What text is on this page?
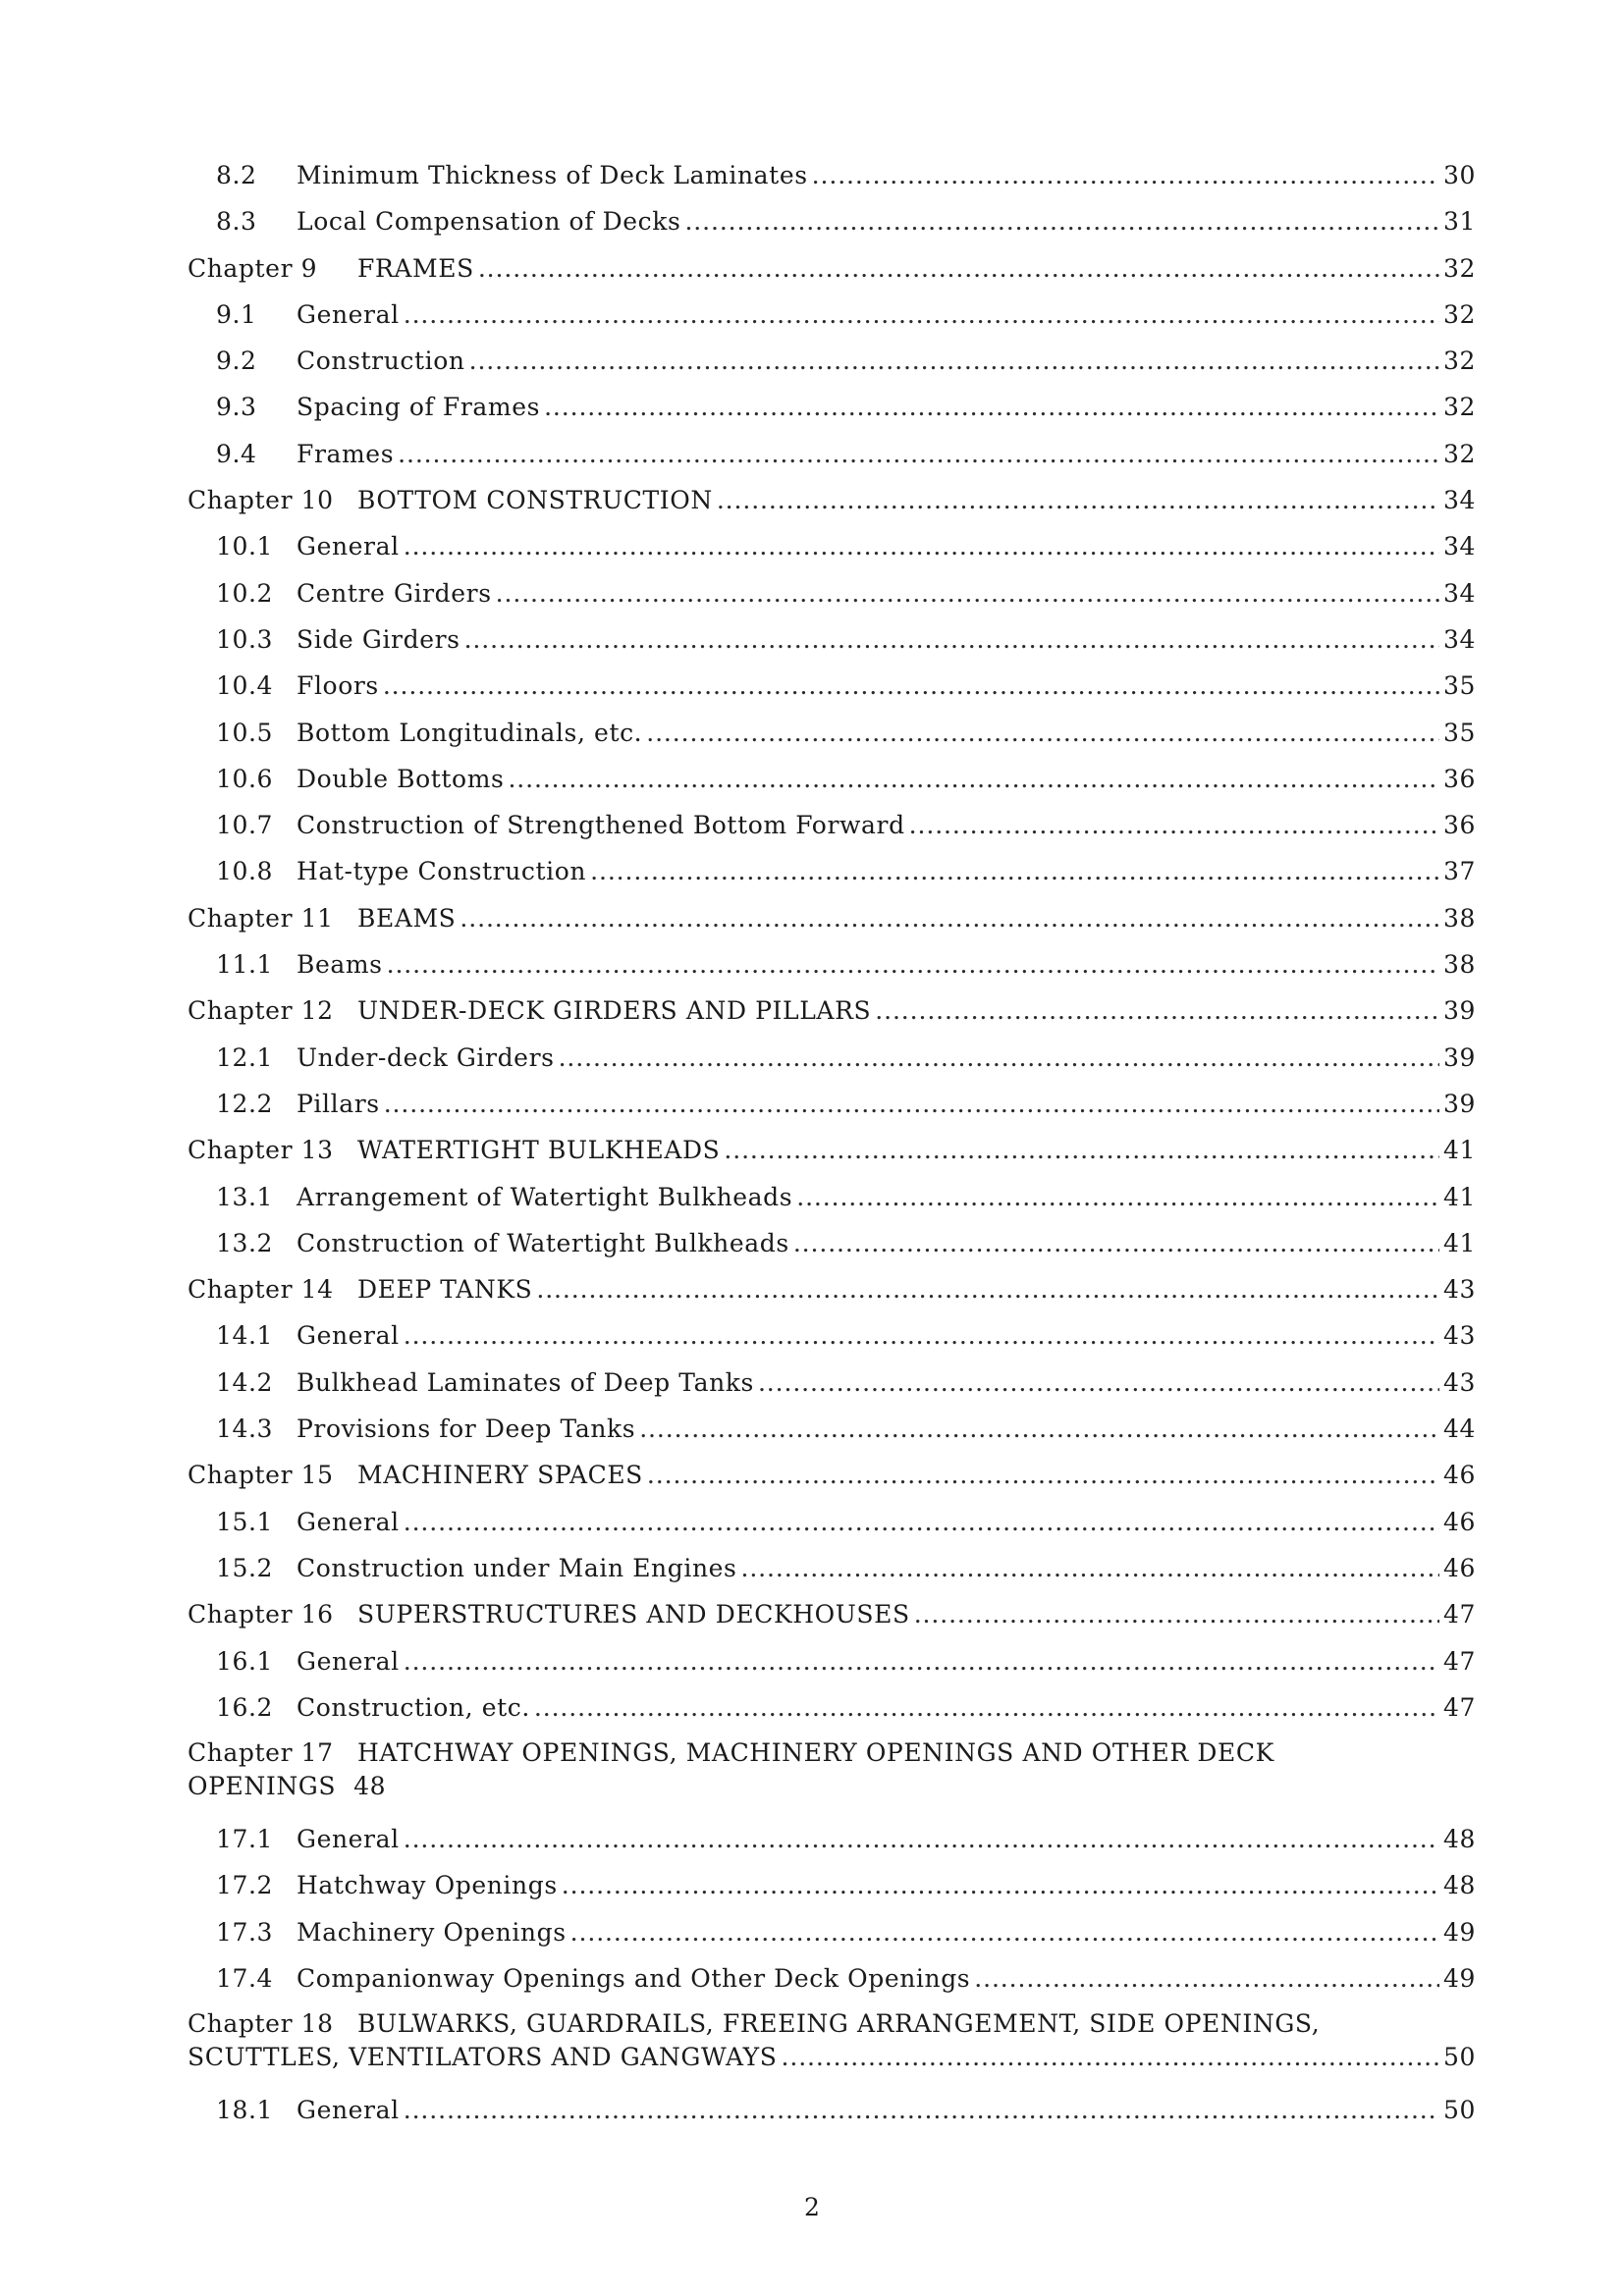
8.2	Minimum Thickness of Deck Laminates .....	30
8.3	Local Compensation of Decks .....	31
Chapter 9	FRAMES .....	32
9.1	General .....	32
9.2	Construction .....	32
9.3	Spacing of Frames .....	32
9.4	Frames .....	32
Chapter 10 BOTTOM CONSTRUCTION .....	34
10.1 General .....	34
10.2 Centre Girders .....	34
10.3 Side Girders .....	34
10.4 Floors .....	35
10.5 Bottom Longitudinals, etc. .....	35
10.6 Double Bottoms .....	36
10.7 Construction of Strengthened Bottom Forward .....	36
10.8 Hat-type Construction .....	37
Chapter 11 BEAMS .....	38
11.1 Beams .....	38
Chapter 12 UNDER-DECK GIRDERS AND PILLARS .....	39
12.1 Under-deck Girders .....	39
12.2 Pillars .....	39
Chapter 13 WATERTIGHT BULKHEADS .....	41
13.1 Arrangement of Watertight Bulkheads .....	41
13.2 Construction of Watertight Bulkheads .....	41
Chapter 14 DEEP TANKS .....	43
14.1 General .....	43
14.2 Bulkhead Laminates of Deep Tanks .....	43
14.3 Provisions for Deep Tanks .....	44
Chapter 15 MACHINERY SPACES .....	46
15.1 General .....	46
15.2 Construction under Main Engines .....	46
Chapter 16 SUPERSTRUCTURES AND DECKHOUSES .....	47
16.1 General .....	47
16.2 Construction, etc. .....	47
Chapter 17 HATCHWAY OPENINGS, MACHINERY OPENINGS AND OTHER DECK
OPENINGS 48
17.1 General .....	48
17.2 Hatchway Openings .....	48
17.3 Machinery Openings .....	49
17.4 Companionway Openings and Other Deck Openings .....	49
Chapter 18 BULWARKS, GUARDRAILS, FREEING ARRANGEMENT, SIDE OPENINGS,
SCUTTLES, VENTILATORS AND GANGWAYS .....	50
18.1 General .....	50
2
